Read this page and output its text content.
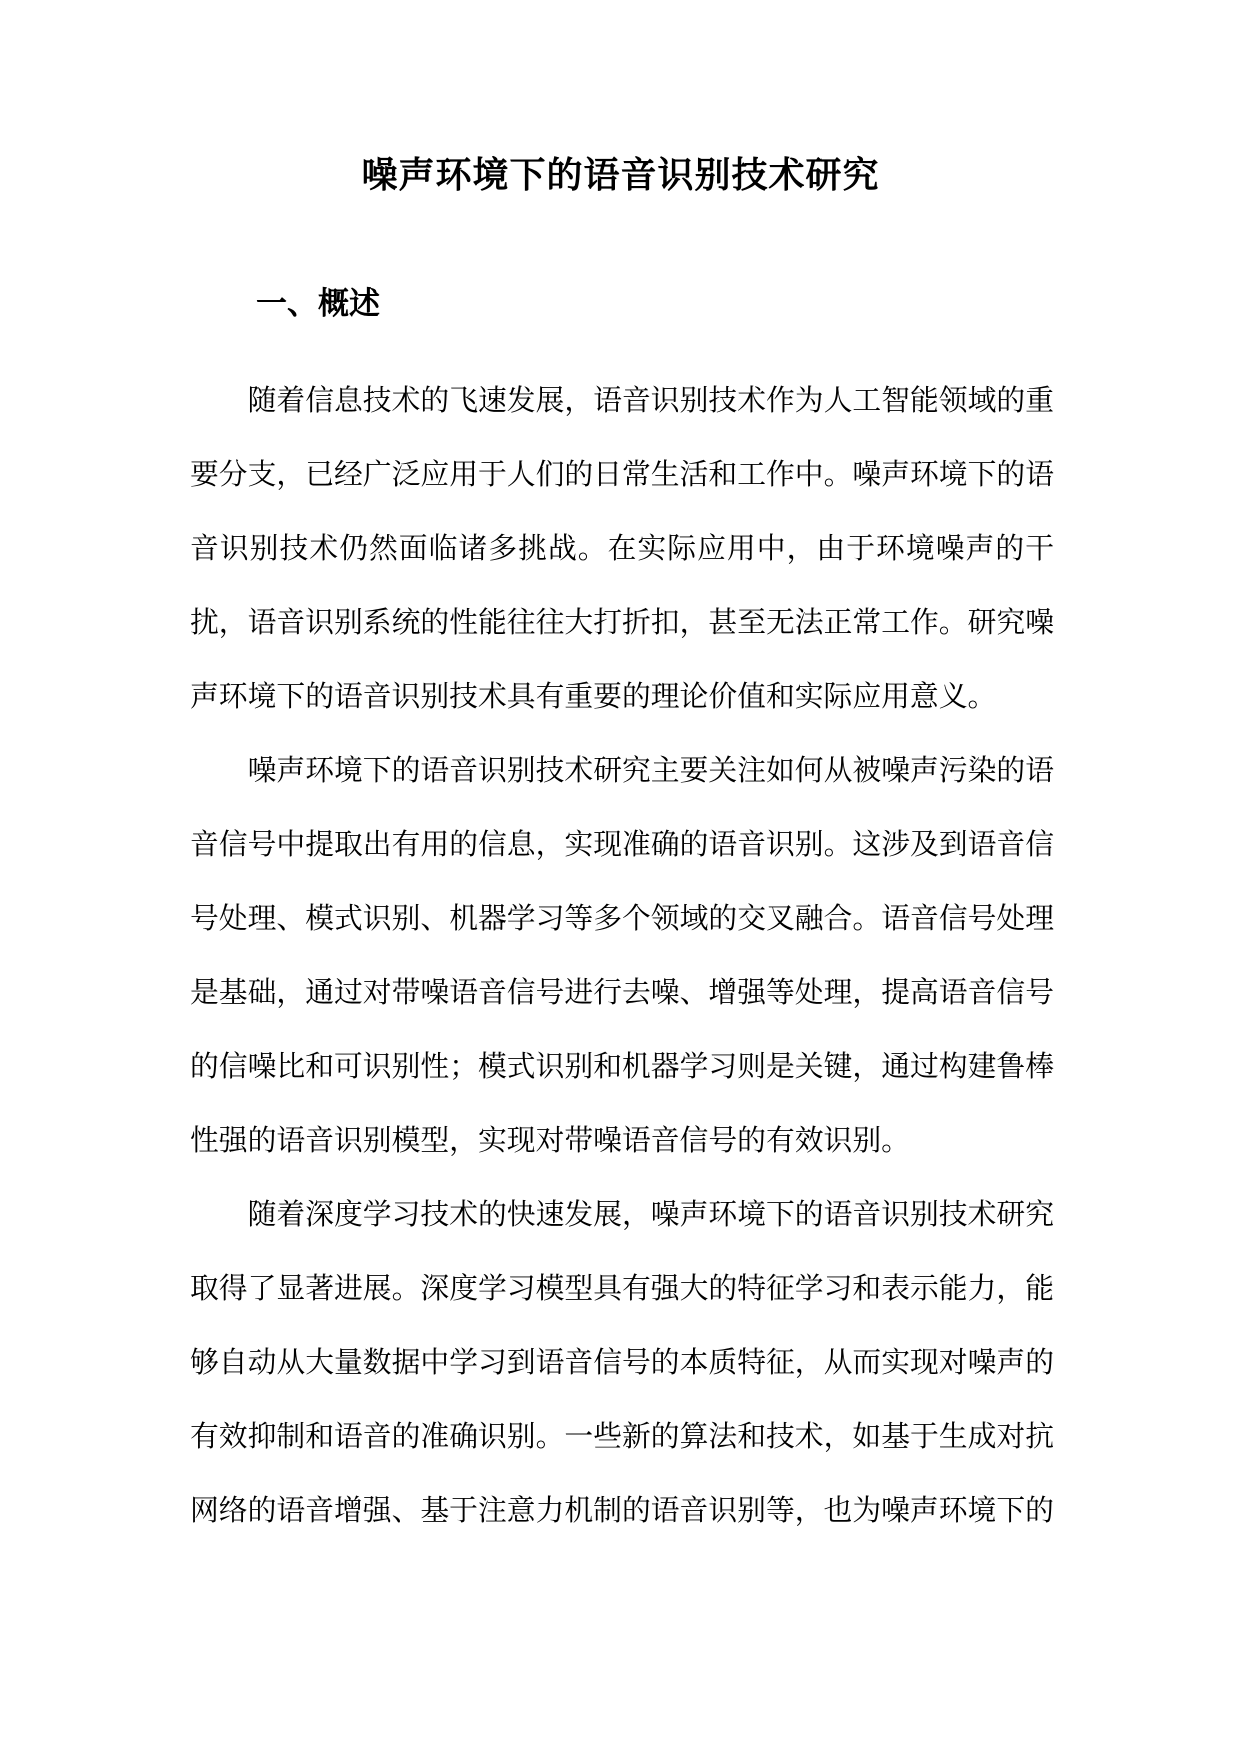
噪声环境下的语音识别技术研究
一、概述

随着信息技术的飞速发展，语音识别技术作为人工智能领域的重要分支，已经广泛应用于人们的日常生活和工作中。噪声环境下的语音识别技术仍然面临诸多挑战。在实际应用中，由于环境噪声的干扰，语音识别系统的性能往往大打折扣，甚至无法正常工作。研究噪声环境下的语音识别技术具有重要的理论价值和实际应用意义。

噪声环境下的语音识别技术研究主要关注如何从被噪声污染的语音信号中提取出有用的信息，实现准确的语音识别。这涉及到语音信号处理、模式识别、机器学习等多个领域的交叉融合。语音信号处理是基础，通过对带噪语音信号进行去噪、增强等处理，提高语音信号的信噪比和可识别性；模式识别和机器学习则是关键，通过构建鲁棒性强的语音识别模型，实现对带噪语音信号的有效识别。

随着深度学习技术的快速发展，噪声环境下的语音识别技术研究取得了显著进展。深度学习模型具有强大的特征学习和表示能力，能够自动从大量数据中学习到语音信号的本质特征，从而实现对噪声的有效抑制和语音的准确识别。一些新的算法和技术，如基于生成对抗网络的语音增强、基于注意力机制的语音识别等，也为噪声环境下的
